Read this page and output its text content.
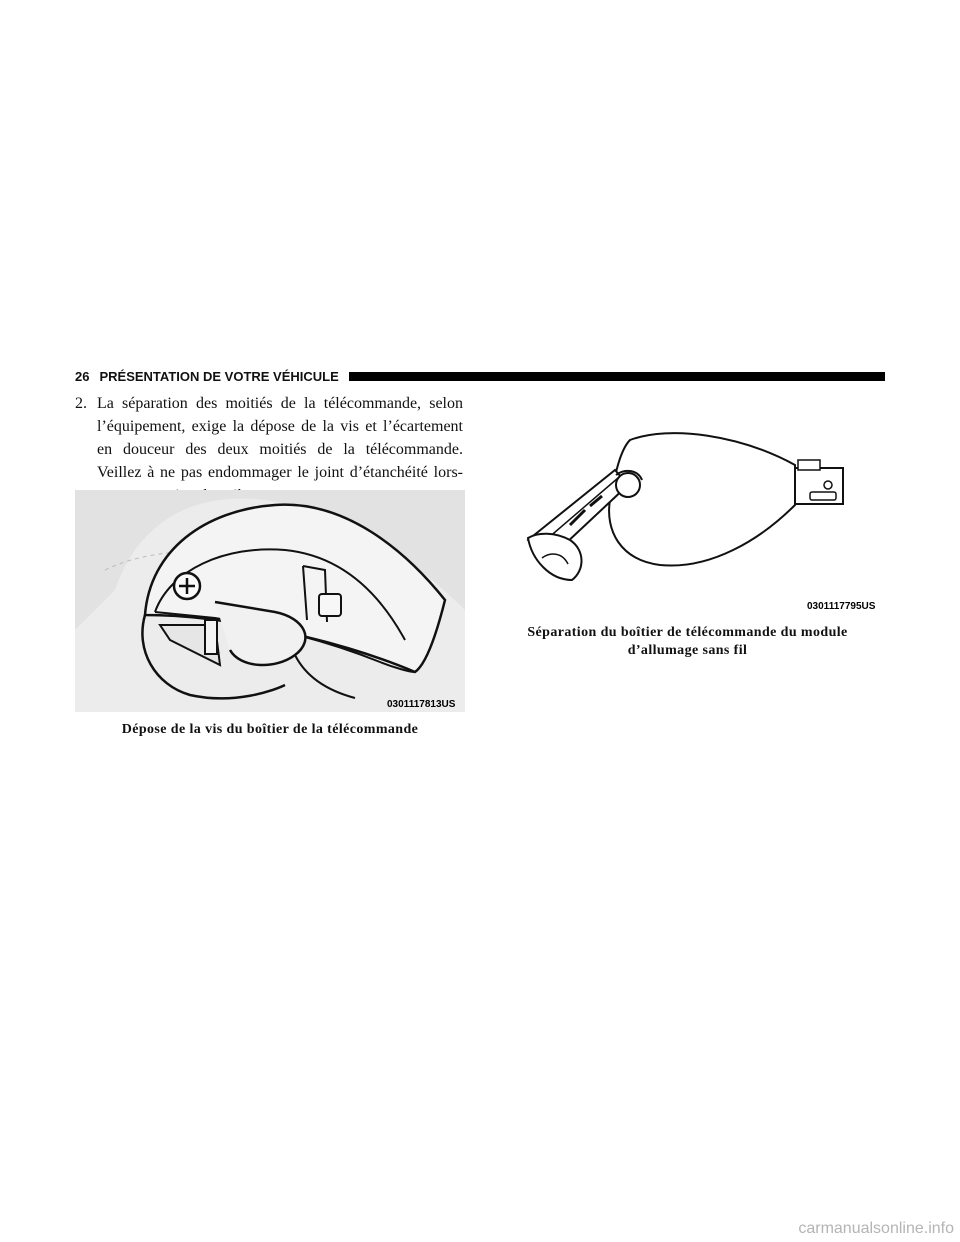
26 PRÉSENTATION DE VOTRE VÉHICULE

2. La séparation des moitiés de la télécommande, selon l’équipement, exige la dépose de la vis et l’écartement en douceur des deux moitiés de la télécommande. Veillez à ne pas endommager le joint d’étanchéité lors-

0301117813US
Dépose de la vis du boîtier de la télécommande
0301117795US
Séparation du boîtier de télécommande du module
d’allumage sans fil
carmanualsonline.info
